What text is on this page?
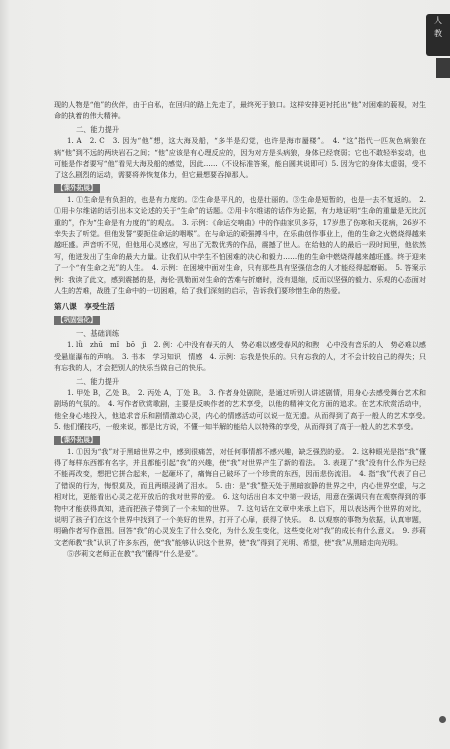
人
教

现的人物是“他”的伙伴，由于自私，在回归的路上先走了，最终死于狼口。这样安排更衬托出“他”对困难的藐视，对生命的执着的伟大精神。

二、能力提升

1. A　2. C　3. 因为“他”想，这大海及船，“多半是幻觉，也许是海市蜃楼”。　4. “这”指代一匹灰色病狼在病“他”到不远的两块岩石之间；“他”应该是有心理反应的，因为对方是头病狼，身体已经衰弱；它也不敢轻举妄动，也可能是作者要写“他”看见大海及船的感觉，因此……（不设标准答案，能自圆其说即可）5. 因为它的身体太虚弱，受不了这么剧烈的运动，需要将养恢复体力，但它最想要吞掉那人。

【课外拓展】

1. ①生命是有负担的，也是有力度的。②生命是平凡的，也是壮丽的。③生命是短暂的，也是一去不复返的。　2. ①用卡尔维诺的话引出本文论述的关于“生命”的话题。②用卡尔维诺的话作为论据，有力地证明“生命的重量是无比沉重的”，作为“生命是有力度的”的观点。　3. 示例：《命运交响曲》中的作曲家贝多芬，17岁患了伤寒和天花病，26岁不幸失去了听觉。但他发誓“要扼住命运的咽喉”。在与命运的顽强搏斗中，在乐曲创作事业上，他的生命之火燃烧得越来越旺盛。声音听不见，但他用心灵感应，写出了无数优秀的作品，震撼了世人。在给他的人的最后一段时间里，他依然写，他迸发出了生命的最大力量。让我们从中学生不怕困难的决心和毅力……他的生命中燃烧得越来越旺盛。终于迎来了一个“有生命之光”的人生。　4. 示例：在困境中面对生命，只有那些具有坚强信念的人才能经得起磨砺。　5. 答案示例：我读了此文，感到震撼的是，海伦·凯勒面对生命的苦难与折磨时，没有退缩，反而以坚强的毅力、乐观的心态面对人生的苦难，战胜了生命中的一切困难，给了我们深刻的启示，告诉我们要珍惜生命的热爱。

第八课　享受生活
【巩固强化】
一、基础训练

1. lǜ　zhū　mǐ　bō　jì　2. 例：心中没有春天的人　势必难以感受春风的和煦　心中没有音乐的人　势必难以感受悬崖瀑布的声响。　3. 书本　学习知识　情感　4. 示例：忘我是快乐的。只有忘我的人，才不会计较自己的得失；只有忘我的人，才会把别人的快乐当做自己的快乐。

二、能力提升

1. 甲处 B，乙处 B。　2. 丙处 A，丁处 B。　3. 作者身处剧院，是通过听别人讲述剧情，用身心去感受舞台艺术和剧场的气氛的。　4. 写作者欣赏歌剧，主要是反映作者的艺术享受，以他的精神文化方面的追求。在艺术欣赏活动中，他全身心地投入，他追求音乐和剧情激动心灵，内心的情感活动可以说一览无遗。从而得到了高于一般人的艺术享受。　5. 他们懂技巧，一般来说，都是比方说，不懂一知半解的能给人以特殊的享受，从而得到了高于一般人的艺术享受。

【课外拓展】

1. ①因为“我”对于黑暗世界之中，感到很痛苦，对任何事情都不感兴趣，缺乏强烈的爱。　2. 这种眼光是指“我”懂得了每样东西都有名字，并且都能引起“我”的兴趣，使“我”对世界产生了新的看法。　3. 表现了“我”没有什么作为已经不能再改变，想把它拼合起来，一起砸坏了，痛悔自己破坏了一个珍贵的东西，因而悲伤流泪。　4. 指“我”代表了自己了错误的行为，悔恨莫及，而且两眼浸满了泪水。　5. 由：是“我”整天处于黑暗寂静的世界之中，内心世界空虚，与之相对比，更能看出心灵之花开放后的我对世界的爱。　6. 这句话出自本文中第一段话，用意在强调只有在观察得到的事物中才能获得真知，进而把孩子带到了一个未知的世界。　7. 这句话在文章中来承上启下，用以表达两个世界的对比，说明了孩子们在这个世界中找到了一个美好的世界，打开了心扉，获得了快乐。　8. 以观察的事物为依据，认真审题，明确作者写作意图。回答“我”的心灵发生了什么变化，为什么发生变化，这些变化对“我”的成长有什么意义。　9. 莎莉文老师教“我”认识了许多东西，使“我”能够认识这个世界，使“我”得到了光明、希望，使“我”从黑暗走向光明。

⑤莎莉文老师正在教“我”懂得“什么是爱”。
